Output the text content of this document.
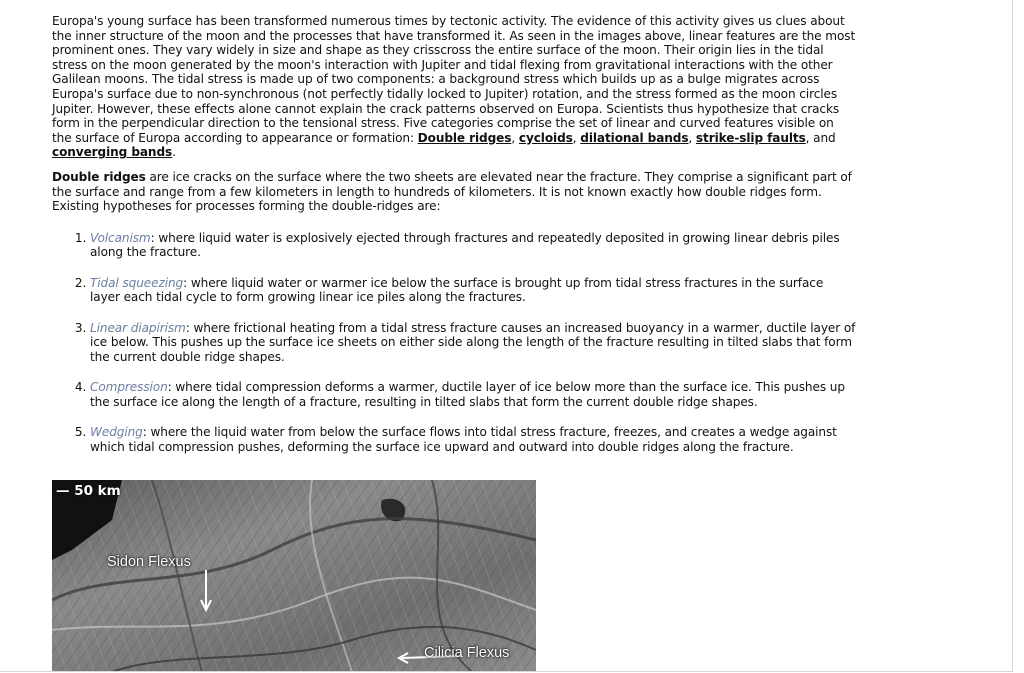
Europa's young surface has been transformed numerous times by tectonic activity. The evidence of this activity gives us clues about the inner structure of the moon and the processes that have transformed it. As seen in the images above, linear features are the most prominent ones. They vary widely in size and shape as they crisscross the entire surface of the moon. Their origin lies in the tidal stress on the moon generated by the moon's interaction with Jupiter and tidal flexing from gravitational interactions with the other Galilean moons. The tidal stress is made up of two components: a background stress which builds up as a bulge migrates across Europa's surface due to non-synchronous (not perfectly tidally locked to Jupiter) rotation, and the stress formed as the moon circles Jupiter. However, these effects alone cannot explain the crack patterns observed on Europa. Scientists thus hypothesize that cracks form in the perpendicular direction to the tensional stress. Five categories comprise the set of linear and curved features visible on the surface of Europa according to appearance or formation: Double ridges, cycloids, dilational bands, strike-slip faults, and converging bands.

Double ridges are ice cracks on the surface where the two sheets are elevated near the fracture. They comprise a significant part of the surface and range from a few kilometers in length to hundreds of kilometers. It is not known exactly how double ridges form. Existing hypotheses for processes forming the double-ridges are:

1. Volcanism: where liquid water is explosively ejected through fractures and repeatedly deposited in growing linear debris piles along the fracture.
2. Tidal squeezing: where liquid water or warmer ice below the surface is brought up from tidal stress fractures in the surface layer each tidal cycle to form growing linear ice piles along the fractures.
3. Linear diapirism: where frictional heating from a tidal stress fracture causes an increased buoyancy in a warmer, ductile layer of ice below. This pushes up the surface ice sheets on either side along the length of the fracture resulting in tilted slabs that form the current double ridge shapes.
4. Compression: where tidal compression deforms a warmer, ductile layer of ice below more than the surface ice. This pushes up the surface ice along the length of a fracture, resulting in tilted slabs that form the current double ridge shapes.
5. Wedging: where the liquid water from below the surface flows into tidal stress fracture, freezes, and creates a wedge against which tidal compression pushes, deforming the surface ice upward and outward into double ridges along the fracture.
— 50 km
Sidon Flexus
Cilicia Flexus
